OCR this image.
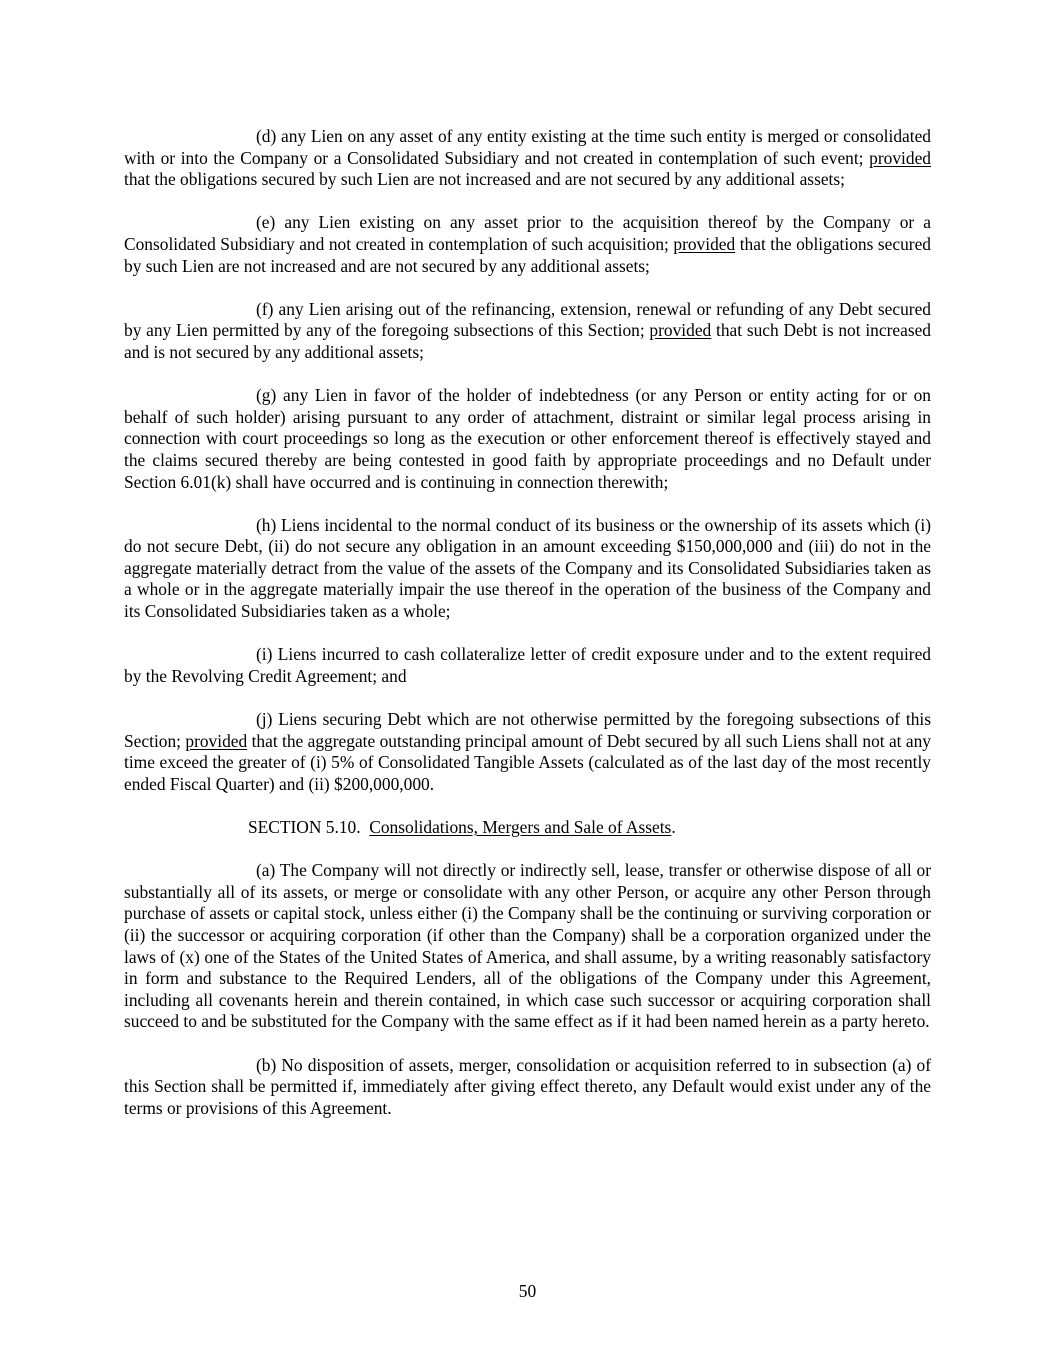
(d) any Lien on any asset of any entity existing at the time such entity is merged or consolidated with or into the Company or a Consolidated Subsidiary and not created in contemplation of such event; provided that the obligations secured by such Lien are not increased and are not secured by any additional assets;

(e) any Lien existing on any asset prior to the acquisition thereof by the Company or a Consolidated Subsidiary and not created in contemplation of such acquisition; provided that the obligations secured by such Lien are not increased and are not secured by any additional assets;

(f) any Lien arising out of the refinancing, extension, renewal or refunding of any Debt secured by any Lien permitted by any of the foregoing subsections of this Section; provided that such Debt is not increased and is not secured by any additional assets;

(g) any Lien in favor of the holder of indebtedness (or any Person or entity acting for or on behalf of such holder) arising pursuant to any order of attachment, distraint or similar legal process arising in connection with court proceedings so long as the execution or other enforcement thereof is effectively stayed and the claims secured thereby are being contested in good faith by appropriate proceedings and no Default under Section 6.01(k) shall have occurred and is continuing in connection therewith;

(h) Liens incidental to the normal conduct of its business or the ownership of its assets which (i) do not secure Debt, (ii) do not secure any obligation in an amount exceeding $150,000,000 and (iii) do not in the aggregate materially detract from the value of the assets of the Company and its Consolidated Subsidiaries taken as a whole or in the aggregate materially impair the use thereof in the operation of the business of the Company and its Consolidated Subsidiaries taken as a whole;

(i) Liens incurred to cash collateralize letter of credit exposure under and to the extent required by the Revolving Credit Agreement; and

(j) Liens securing Debt which are not otherwise permitted by the foregoing subsections of this Section; provided that the aggregate outstanding principal amount of Debt secured by all such Liens shall not at any time exceed the greater of (i) 5% of Consolidated Tangible Assets (calculated as of the last day of the most recently ended Fiscal Quarter) and (ii) $200,000,000.

SECTION 5.10. Consolidations, Mergers and Sale of Assets.

(a) The Company will not directly or indirectly sell, lease, transfer or otherwise dispose of all or substantially all of its assets, or merge or consolidate with any other Person, or acquire any other Person through purchase of assets or capital stock, unless either (i) the Company shall be the continuing or surviving corporation or (ii) the successor or acquiring corporation (if other than the Company) shall be a corporation organized under the laws of (x) one of the States of the United States of America, and shall assume, by a writing reasonably satisfactory in form and substance to the Required Lenders, all of the obligations of the Company under this Agreement, including all covenants herein and therein contained, in which case such successor or acquiring corporation shall succeed to and be substituted for the Company with the same effect as if it had been named herein as a party hereto.

(b) No disposition of assets, merger, consolidation or acquisition referred to in subsection (a) of this Section shall be permitted if, immediately after giving effect thereto, any Default would exist under any of the terms or provisions of this Agreement.

50
